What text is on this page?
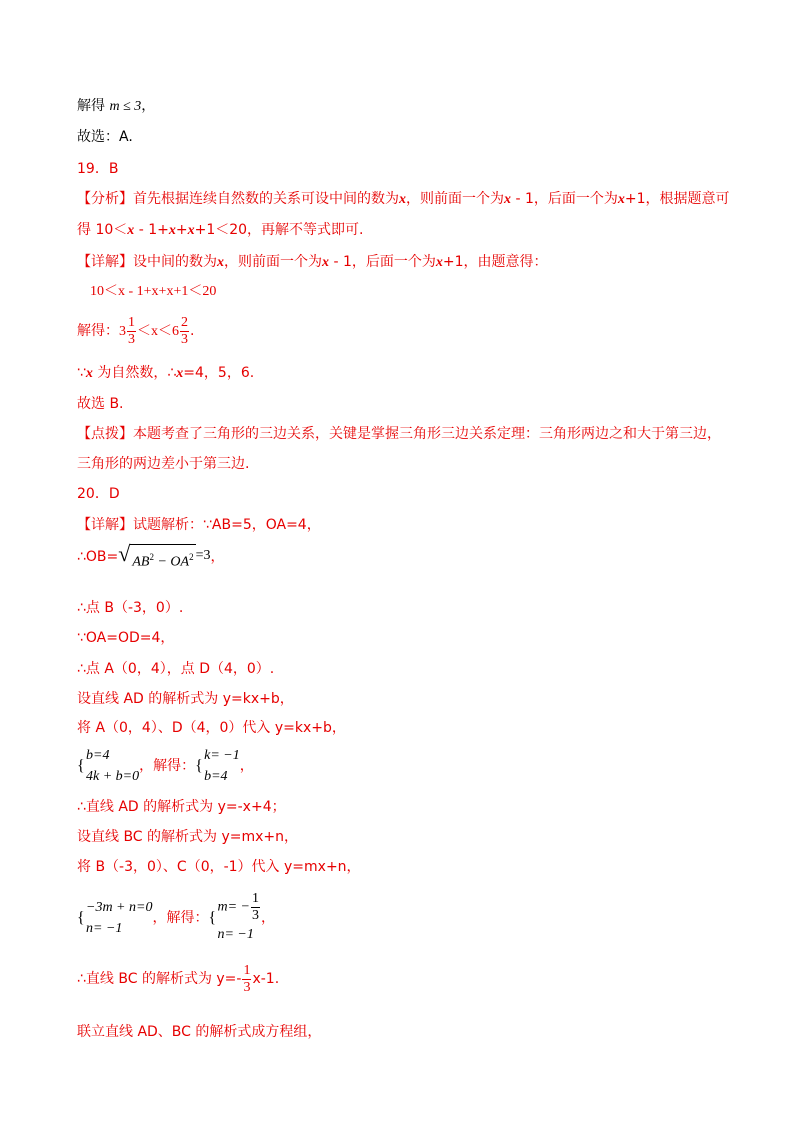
解得 m ≤ 3，
故选：A.
19．B
【分析】首先根据连续自然数的关系可设中间的数为x，则前面一个为x - 1，后面一个为x+1，根据题意可
得 10＜x - 1+x+x+1＜20，再解不等式即可.
【详解】设中间的数为x，则前面一个为x - 1，后面一个为x+1，由题意得：
10＜x - 1+x+x+1＜20
解得：$3 \frac{1}{3} <x<6 \frac{2}{3}$ .
∵x 为自然数，∴x=4，5，6.
故选 B.
【点拨】本题考查了三角形的三边关系，关键是掌握三角形三边关系定理：三角形两边之和大于第三边，
三角形的两边差小于第三边.
20．D
【详解】试题解析：∵AB=5，OA=4，
∴OB= √ $AB^2 - OA^2 =3$ ，
∴点 B（-3，0）.
∵OA=OD=4，
∴点 A（0，4），点 D（4，0）.
设直线 AD 的解析式为 y=kx+b，
将 A（0，4）、D（4，0）代入 y=kx+b，
{
b=4
4k + b=0
，解得： {
k= −1
b=4
，
∴直线 AD 的解析式为 y=-x+4；
设直线 BC 的解析式为 y=mx+n，
将 B（-3，0）、C（0，-1）代入 y=mx+n，
{
−3m + n=0
n= −1
，解得： {
$m= - \frac{1}{3}$
n= −1
，
∴直线 BC 的解析式为 $y=- \frac{1}{3} x-1$.
联立直线 AD、BC 的解析式成方程组，
